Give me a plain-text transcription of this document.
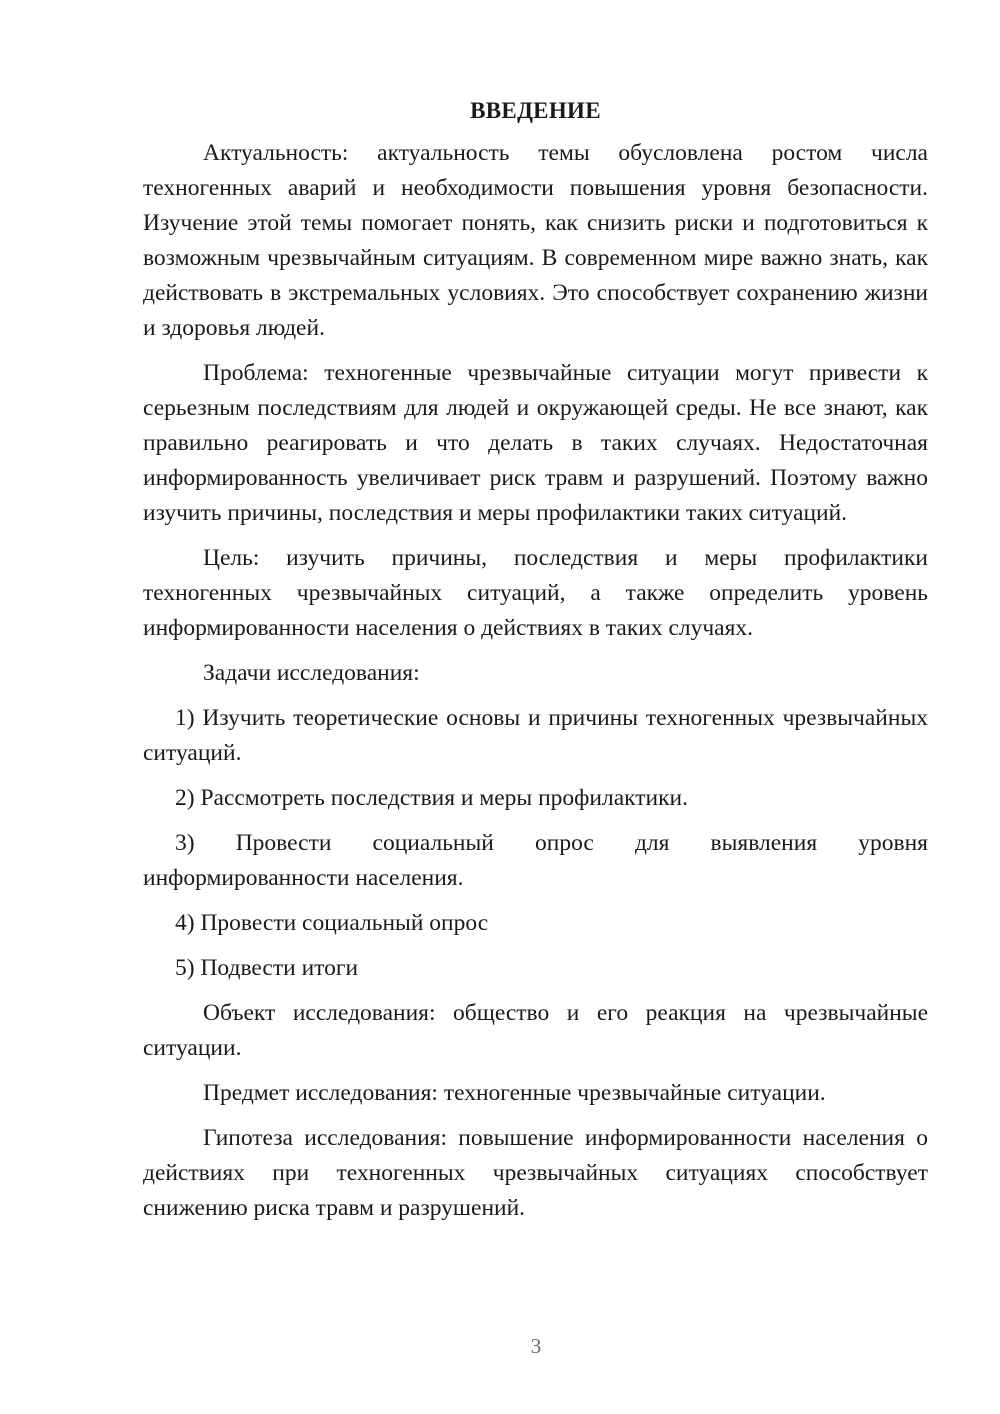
ВВЕДЕНИЕ

Актуальность: актуальность темы обусловлена ростом числа техногенных аварий и необходимости повышения уровня безопасности. Изучение этой темы помогает понять, как снизить риски и подготовиться к возможным чрезвычайным ситуациям. В современном мире важно знать, как действовать в экстремальных условиях. Это способствует сохранению жизни и здоровья людей.

Проблема: техногенные чрезвычайные ситуации могут привести к серьезным последствиям для людей и окружающей среды. Не все знают, как правильно реагировать и что делать в таких случаях. Недостаточная информированность увеличивает риск травм и разрушений. Поэтому важно изучить причины, последствия и меры профилактики таких ситуаций.

Цель: изучить причины, последствия и меры профилактики техногенных чрезвычайных ситуаций, а также определить уровень информированности населения о действиях в таких случаях.

Задачи исследования:

1) Изучить теоретические основы и причины техногенных чрезвычайных ситуаций.

2) Рассмотреть последствия и меры профилактики.

3) Провести социальный опрос для выявления уровня информированности населения.

4) Провести социальный опрос

5) Подвести итоги

Объект исследования: общество и его реакция на чрезвычайные ситуации.

Предмет исследования: техногенные чрезвычайные ситуации.

Гипотеза исследования: повышение информированности населения о действиях при техногенных чрезвычайных ситуациях способствует снижению риска травм и разрушений.

3
